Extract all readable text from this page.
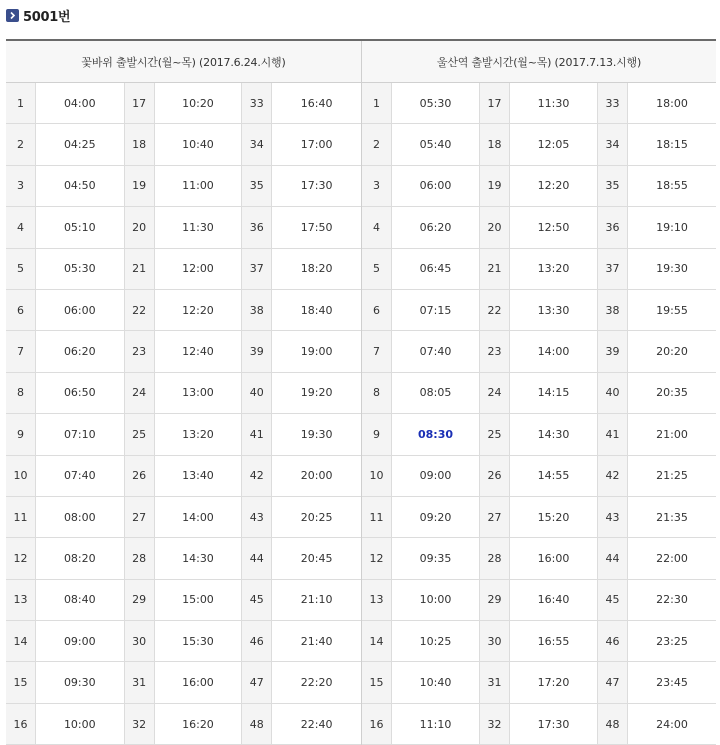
5001번
꽃바위 출발시간(월~목) (2017.6.24.시행)	울산역 출발시간(월~목) (2017.7.13.시행)
1	04:00	17	10:20	33	16:40
2	04:25	18	10:40	34	17:00
3	04:50	19	11:00	35	17:30
4	05:10	20	11:30	36	17:50
5	05:30	21	12:00	37	18:20
6	06:00	22	12:20	38	18:40
7	06:20	23	12:40	39	19:00
8	06:50	24	13:00	40	19:20
9	07:10	25	13:20	41	19:30
10	07:40	26	13:40	42	20:00
11	08:00	27	14:00	43	20:25
12	08:20	28	14:30	44	20:45
13	08:40	29	15:00	45	21:10
14	09:00	30	15:30	46	21:40
15	09:30	31	16:00	47	22:20
16	10:00	32	16:20	48	22:40
1	05:30	17	11:30	33	18:00
2	05:40	18	12:05	34	18:15
3	06:00	19	12:20	35	18:55
4	06:20	20	12:50	36	19:10
5	06:45	21	13:20	37	19:30
6	07:15	22	13:30	38	19:55
7	07:40	23	14:00	39	20:20
8	08:05	24	14:15	40	20:35
9	08:30	25	14:30	41	21:00
10	09:00	26	14:55	42	21:25
11	09:20	27	15:20	43	21:35
12	09:35	28	16:00	44	22:00
13	10:00	29	16:40	45	22:30
14	10:25	30	16:55	46	23:25
15	10:40	31	17:20	47	23:45
16	11:10	32	17:30	48	24:00
